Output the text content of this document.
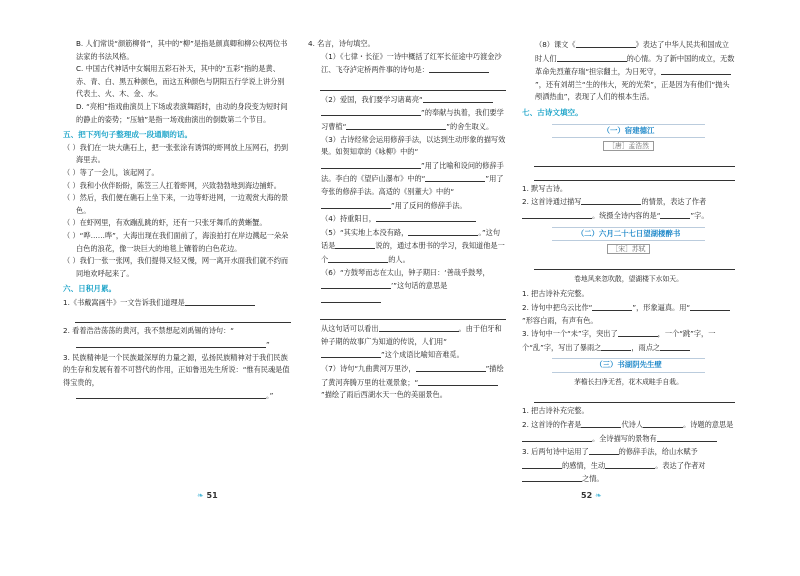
B. 人们常说“颜筋柳骨”，其中的“柳”是指是颜真卿和柳公权两位书法家的书法风格。

C. 中国古代神话中女娲用五彩石补天，其中的“五彩”指的是黄、赤、青、白、黑五种颜色，而这五种颜色与阴阳五行学说上讲分别代表土、火、木、金、水。

D. “亮相”指戏曲演员上下场或表演舞蹈时，由动的身段变为短时间的静止的姿势；“压轴”是指一场戏曲演出的倒数第二个节目。

五、把下列句子整理成一段通顺的话。

（ ）我们在一块大礁石上，把一张张涂有诱饵的虾网放上压网石，扔到海里去。

（ ）等了一会儿，该起网了。

（ ）我和小伙伴盼盼，陈笠三人扛着虾网，兴致勃勃地到海边捕虾。

（ ）然后，我们便在礁石上坐下来，一边等虾进网，一边观赏大海的景色。

（ ）在虾网里，有欢蹦乱跳的虾，还有一只张牙舞爪的黄蜥蟹。

（ ）“哗……哗”，大海出现在我们面前了，海浪拍打在岸边溅起一朵朵白色的浪花，像一块巨大的地毯上镶着的白色花边。

（ ）我们一张一张网，我们提得又轻又慢，网一离开水面我们就不约而同地欢呼起来了。

六、日积月累。

1.《书戴嵩画牛》一文告诉我们道理是

2. 看着浩浩荡荡的黄河，我不禁想起刘禹锡的诗句：“

”

3. 民族精神是一个民族最深厚的力量之源，弘扬民族精神对于我们民族的生存和发展有着不可替代的作用，正如鲁迅先生所说：“惟有民魂是值得宝贵的，

。”

4. 名言，诗句填空。

（1）《七律・长征》一诗中概括了红军长征途中巧渡金沙江、飞夺泸定桥两件事的诗句是：

（2）爱国，我们要学习诸葛亮“”的奉献与执着，我们要学习曹植“	”的舍生取义。

（3）古诗经常会运用修辞手法，以达到生动形象的描写效果。如贺知章的《咏柳》中的“”用了比喻和设问的修辞手法。李白的《望庐山瀑布》中的“	”用了夸张的修辞手法。高适的《别董大》中的“”用了反问的修辞手法。

（4）持重阳日，

（5）“其实地上本没有路，	。”这句话是	说的，通过本册书的学习，我知道他是一个	的人。

（6）“方鼓琴而志在太山，钟子期曰：‘善哉乎鼓琴，’”这句话的意思是

从这句话可以看出	。由于伯牙和钟子期的故事广为知道的传说，人们用“”这个成语比喻知音难觅。

（7）诗句“九曲黄河万里沙，	”描绘了黄河奔腾万里的壮观景象；“”描绘了雨后西湖水天一色的美丽景色。

（8）课文《	》表达了中华人民共和国成立时人们	的心情。为了新中国的成立，无数革命先烈董存瑞“担宗翻土，为日死守，”，还有刘胡兰“生的伟大，死的光荣”，正是因为有他们“抛头颅洒热血”，表现了人们的根本生活。

七、古诗文填空。

（一）宿建德江

［唐］孟浩然

1. 默写古诗。

2. 这首诗通过描写	的情景，表达了作者。统摄全诗内容的是“	”字。

（二）六月二十七日望湖楼醉书

［宋］苏轼

卷地风来忽吹散，望湖楼下水如天。

1. 把古诗补充完整。

2. 诗句中把乌云比作“	”，形象逼真。用“”形容白雨，有声有色。

3. 诗句中一个“未”字，突出了	，一个“跳”字，一个“乱”字，写出了暴雨之	，雨点之

（三）书湖阴先生壁

茅檐长扫净无苔，花木成畦手自栽。

1. 把古诗补充完整。

2. 这首诗的作者是	代诗人	。诗题的意思是。全诗描写的景物有

3. 后两句诗中运用了	的修辞手法，给山水赋予的感情，生动	。表达了作者对之情。

❧ 51	52 ❧
